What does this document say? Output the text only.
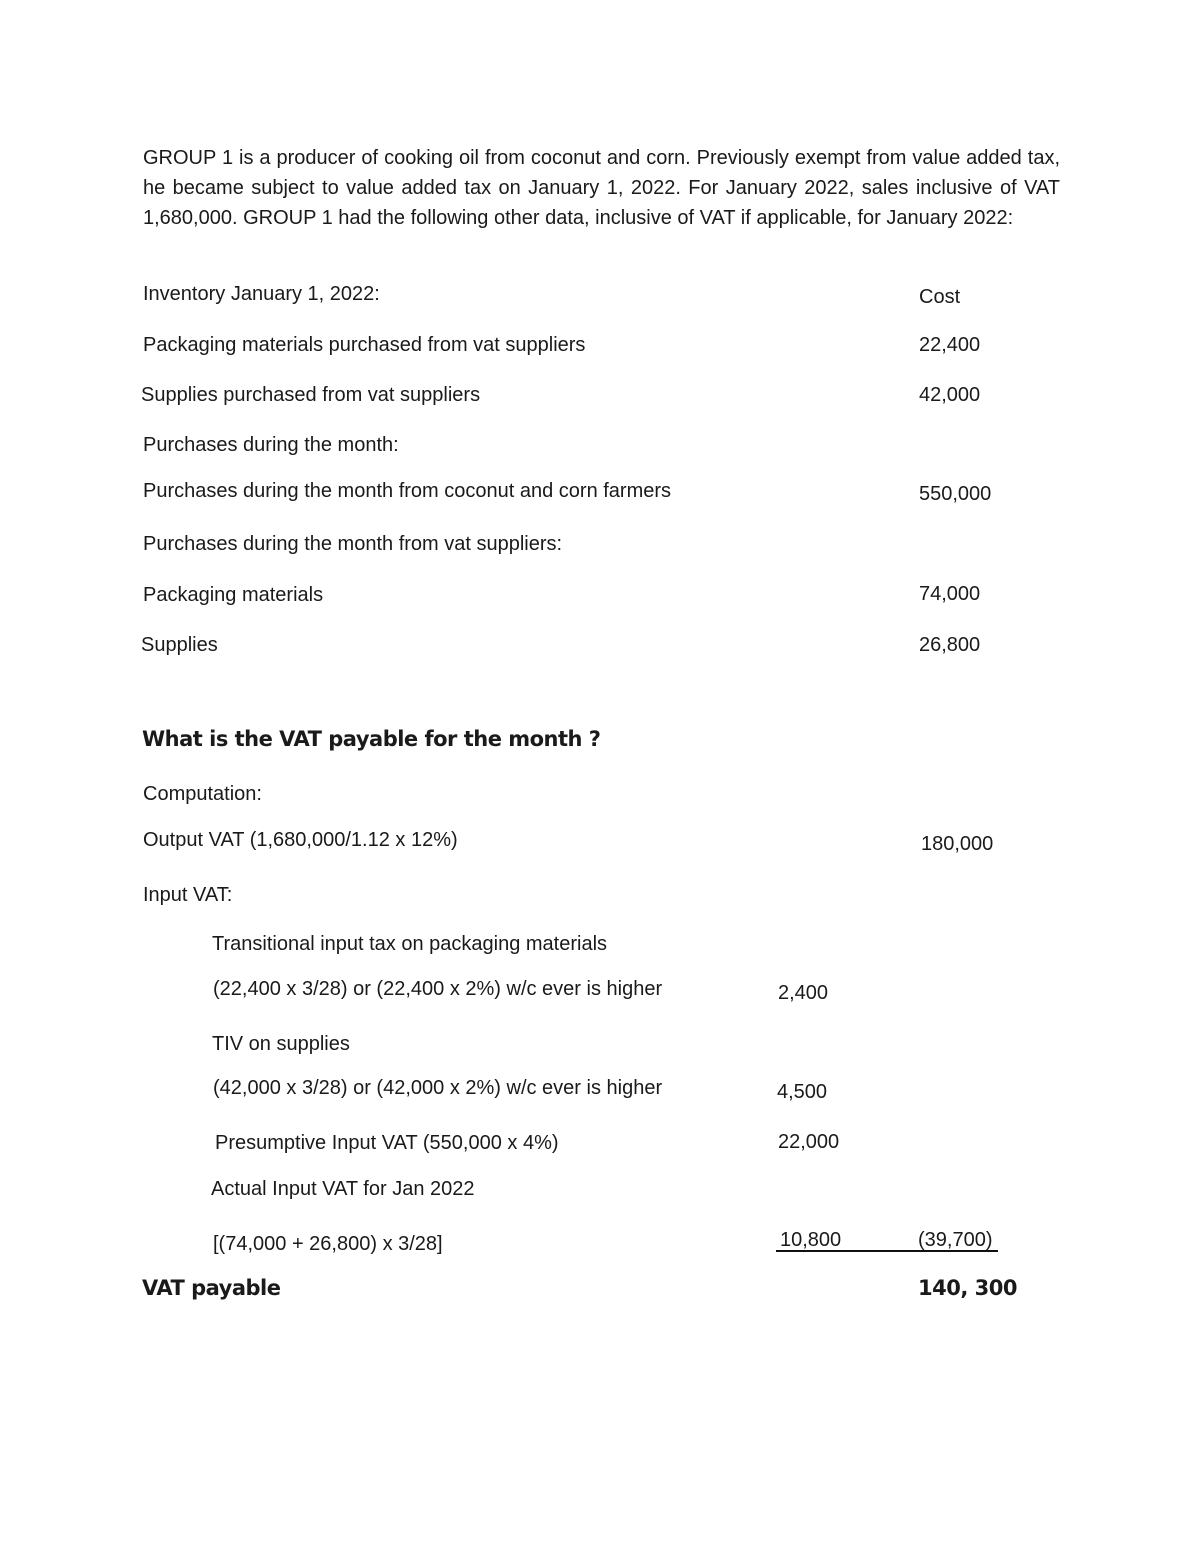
GROUP 1 is a producer of cooking oil from coconut and corn. Previously exempt from value added tax, he became subject to value added tax on January 1, 2022. For January 2022, sales inclusive of VAT 1,680,000. GROUP 1 had the following other data, inclusive of VAT if applicable, for January 2022:

Inventory January 1, 2022:	Cost
Packaging materials purchased from vat suppliers	22,400
Supplies purchased from vat suppliers	42,000
Purchases during the month:
Purchases during the month from coconut and corn farmers	550,000
Purchases during the month from vat suppliers:
Packaging materials	74,000
Supplies	26,800
What is the VAT payable for the month ?
Computation:
Output VAT (1,680,000/1.12 x 12%)	180,000
Input VAT:
Transitional input tax on packaging materials
(22,400 x 3/28) or (22,400 x 2%) w/c ever is higher	2,400
TIV on supplies
(42,000 x 3/28) or (42,000 x 2%) w/c ever is higher	4,500
Presumptive Input VAT (550,000 x 4%)	22,000
Actual Input VAT for Jan 2022
[(74,000 + 26,800) x 3/28]	10,800	(39,700)
VAT payable	140, 300
